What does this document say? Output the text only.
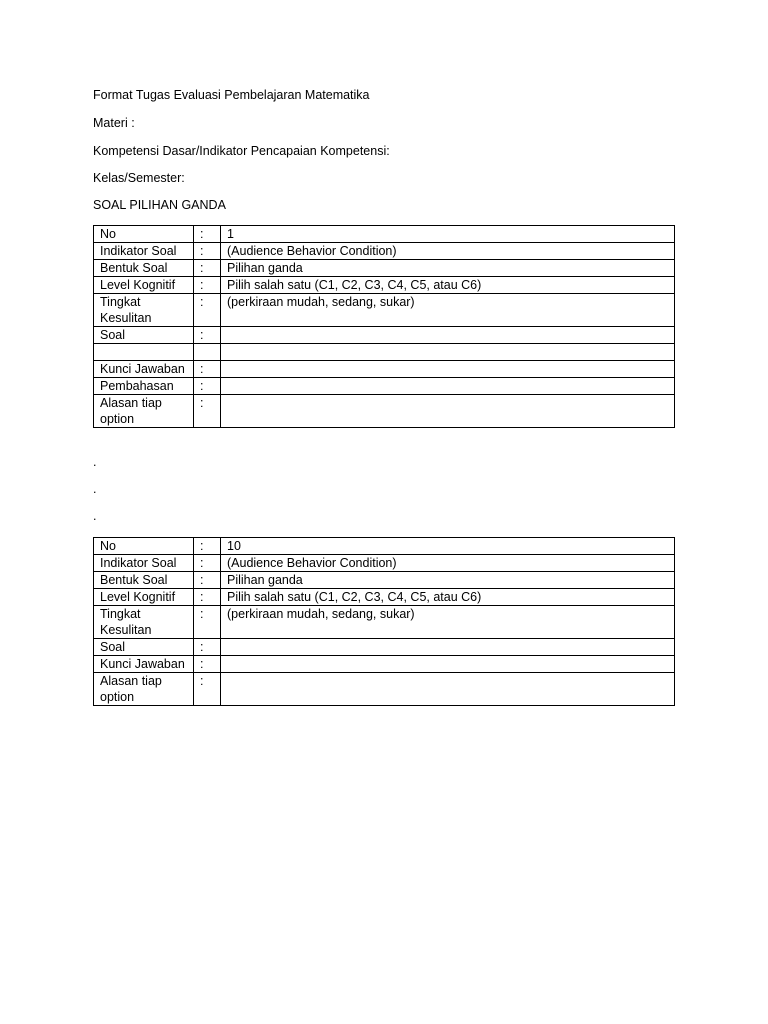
Format Tugas Evaluasi Pembelajaran Matematika
Materi :
Kompetensi Dasar/Indikator Pencapaian Kompetensi:
Kelas/Semester:
SOAL PILIHAN GANDA
No	:	1
Indikator Soal	:	(Audience Behavior Condition)
Bentuk Soal	:	Pilihan ganda
Level Kognitif	:	Pilih salah satu (C1, C2, C3, C4, C5, atau C6)
Tingkat Kesulitan	:	(perkiraan mudah, sedang, sukar)
Soal	:	

Kunci Jawaban	:	
Pembahasan	:	
Alasan tiap option	:	
.
.
.
No	:	10
Indikator Soal	:	(Audience Behavior Condition)
Bentuk Soal	:	Pilihan ganda
Level Kognitif	:	Pilih salah satu (C1, C2, C3, C4, C5, atau C6)
Tingkat Kesulitan	:	(perkiraan mudah, sedang, sukar)
Soal	:	
Kunci Jawaban	:	
Alasan tiap option	:	
